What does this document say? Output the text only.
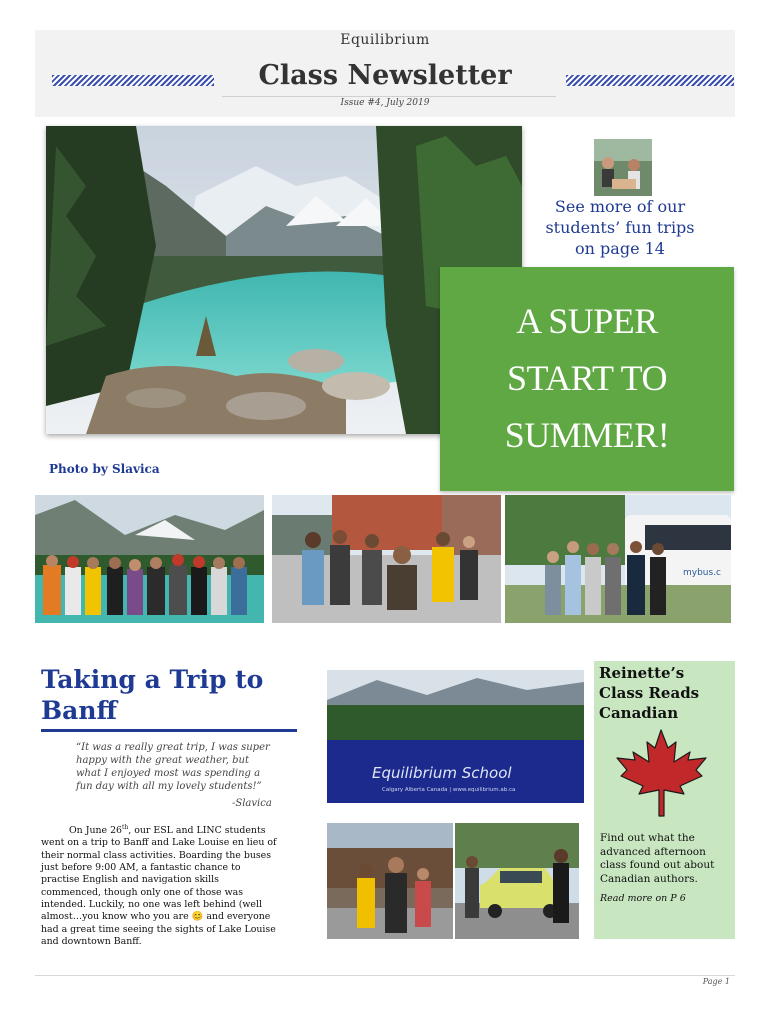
Equilibrium
Class Newsletter
Issue #4, July 2019
Photo by Slavica
See more of our
students’ fun trips
on page 14
A SUPER
START TO
SUMMER!
mybus.c
Taking a Trip to
Banff
“It was a really great trip, I was super happy with the great weather, but what I enjoyed most was spending a fun day with all my lovely students!”
-Slavica

On June 26th, our ESL and LINC students went on a trip to Banff and Lake Louise en lieu of their normal class activities. Boarding the buses just before 9:00 AM, a fantastic chance to practise English and navigation skills commenced, though only one of those was intended. Luckily, no one was left behind (well almost…you know who you are 😊 and everyone had a great time seeing the sights of Lake Louise and downtown Banff.

Equilibrium School
Calgary Alberta Canada | www.equilibrium.ab.ca
Reinette’s
Class Reads
Canadian
Find out what the advanced afternoon class found out about Canadian authors.
Read more on P 6
Page 1
